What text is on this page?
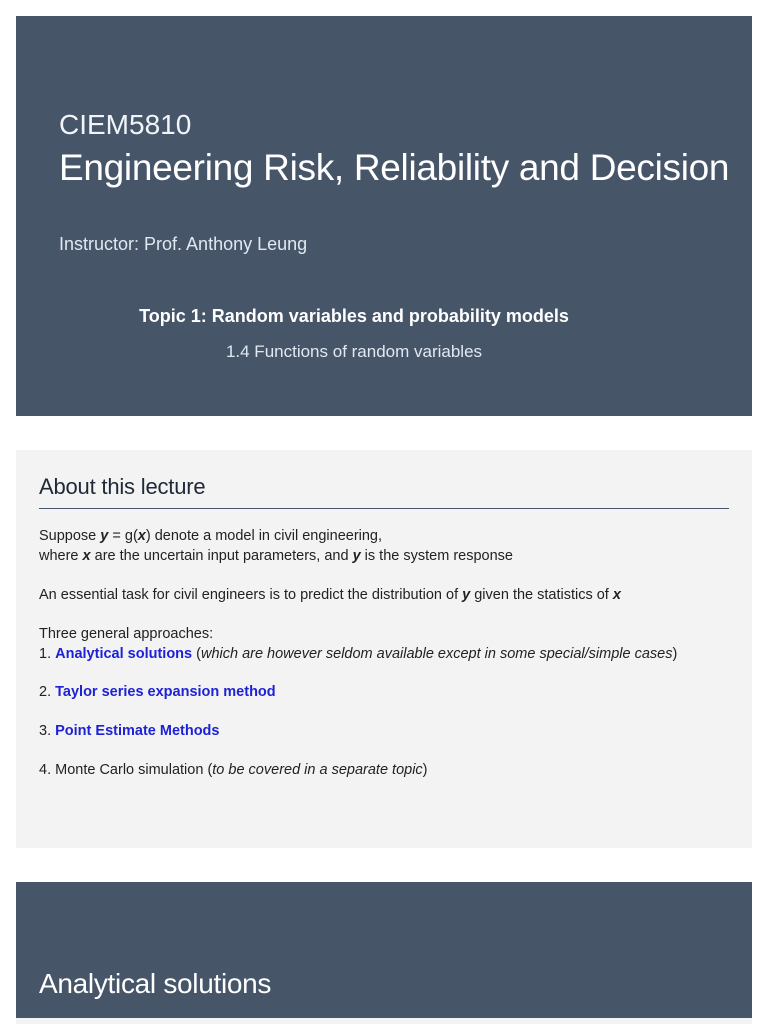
CIEM5810

Engineering Risk, Reliability and Decision

Instructor: Prof. Anthony Leung

Topic 1: Random variables and probability models

1.4 Functions of random variables

About this lecture

Suppose y = g(x) denote a model in civil engineering,

where x are the uncertain input parameters, and y is the system response

An essential task for civil engineers is to predict the distribution of y given the statistics of x

Three general approaches:

1. Analytical solutions (which are however seldom available except in some special/simple cases)

2. Taylor series expansion method

3. Point Estimate Methods

4. Monte Carlo simulation (to be covered in a separate topic)

Analytical solutions
